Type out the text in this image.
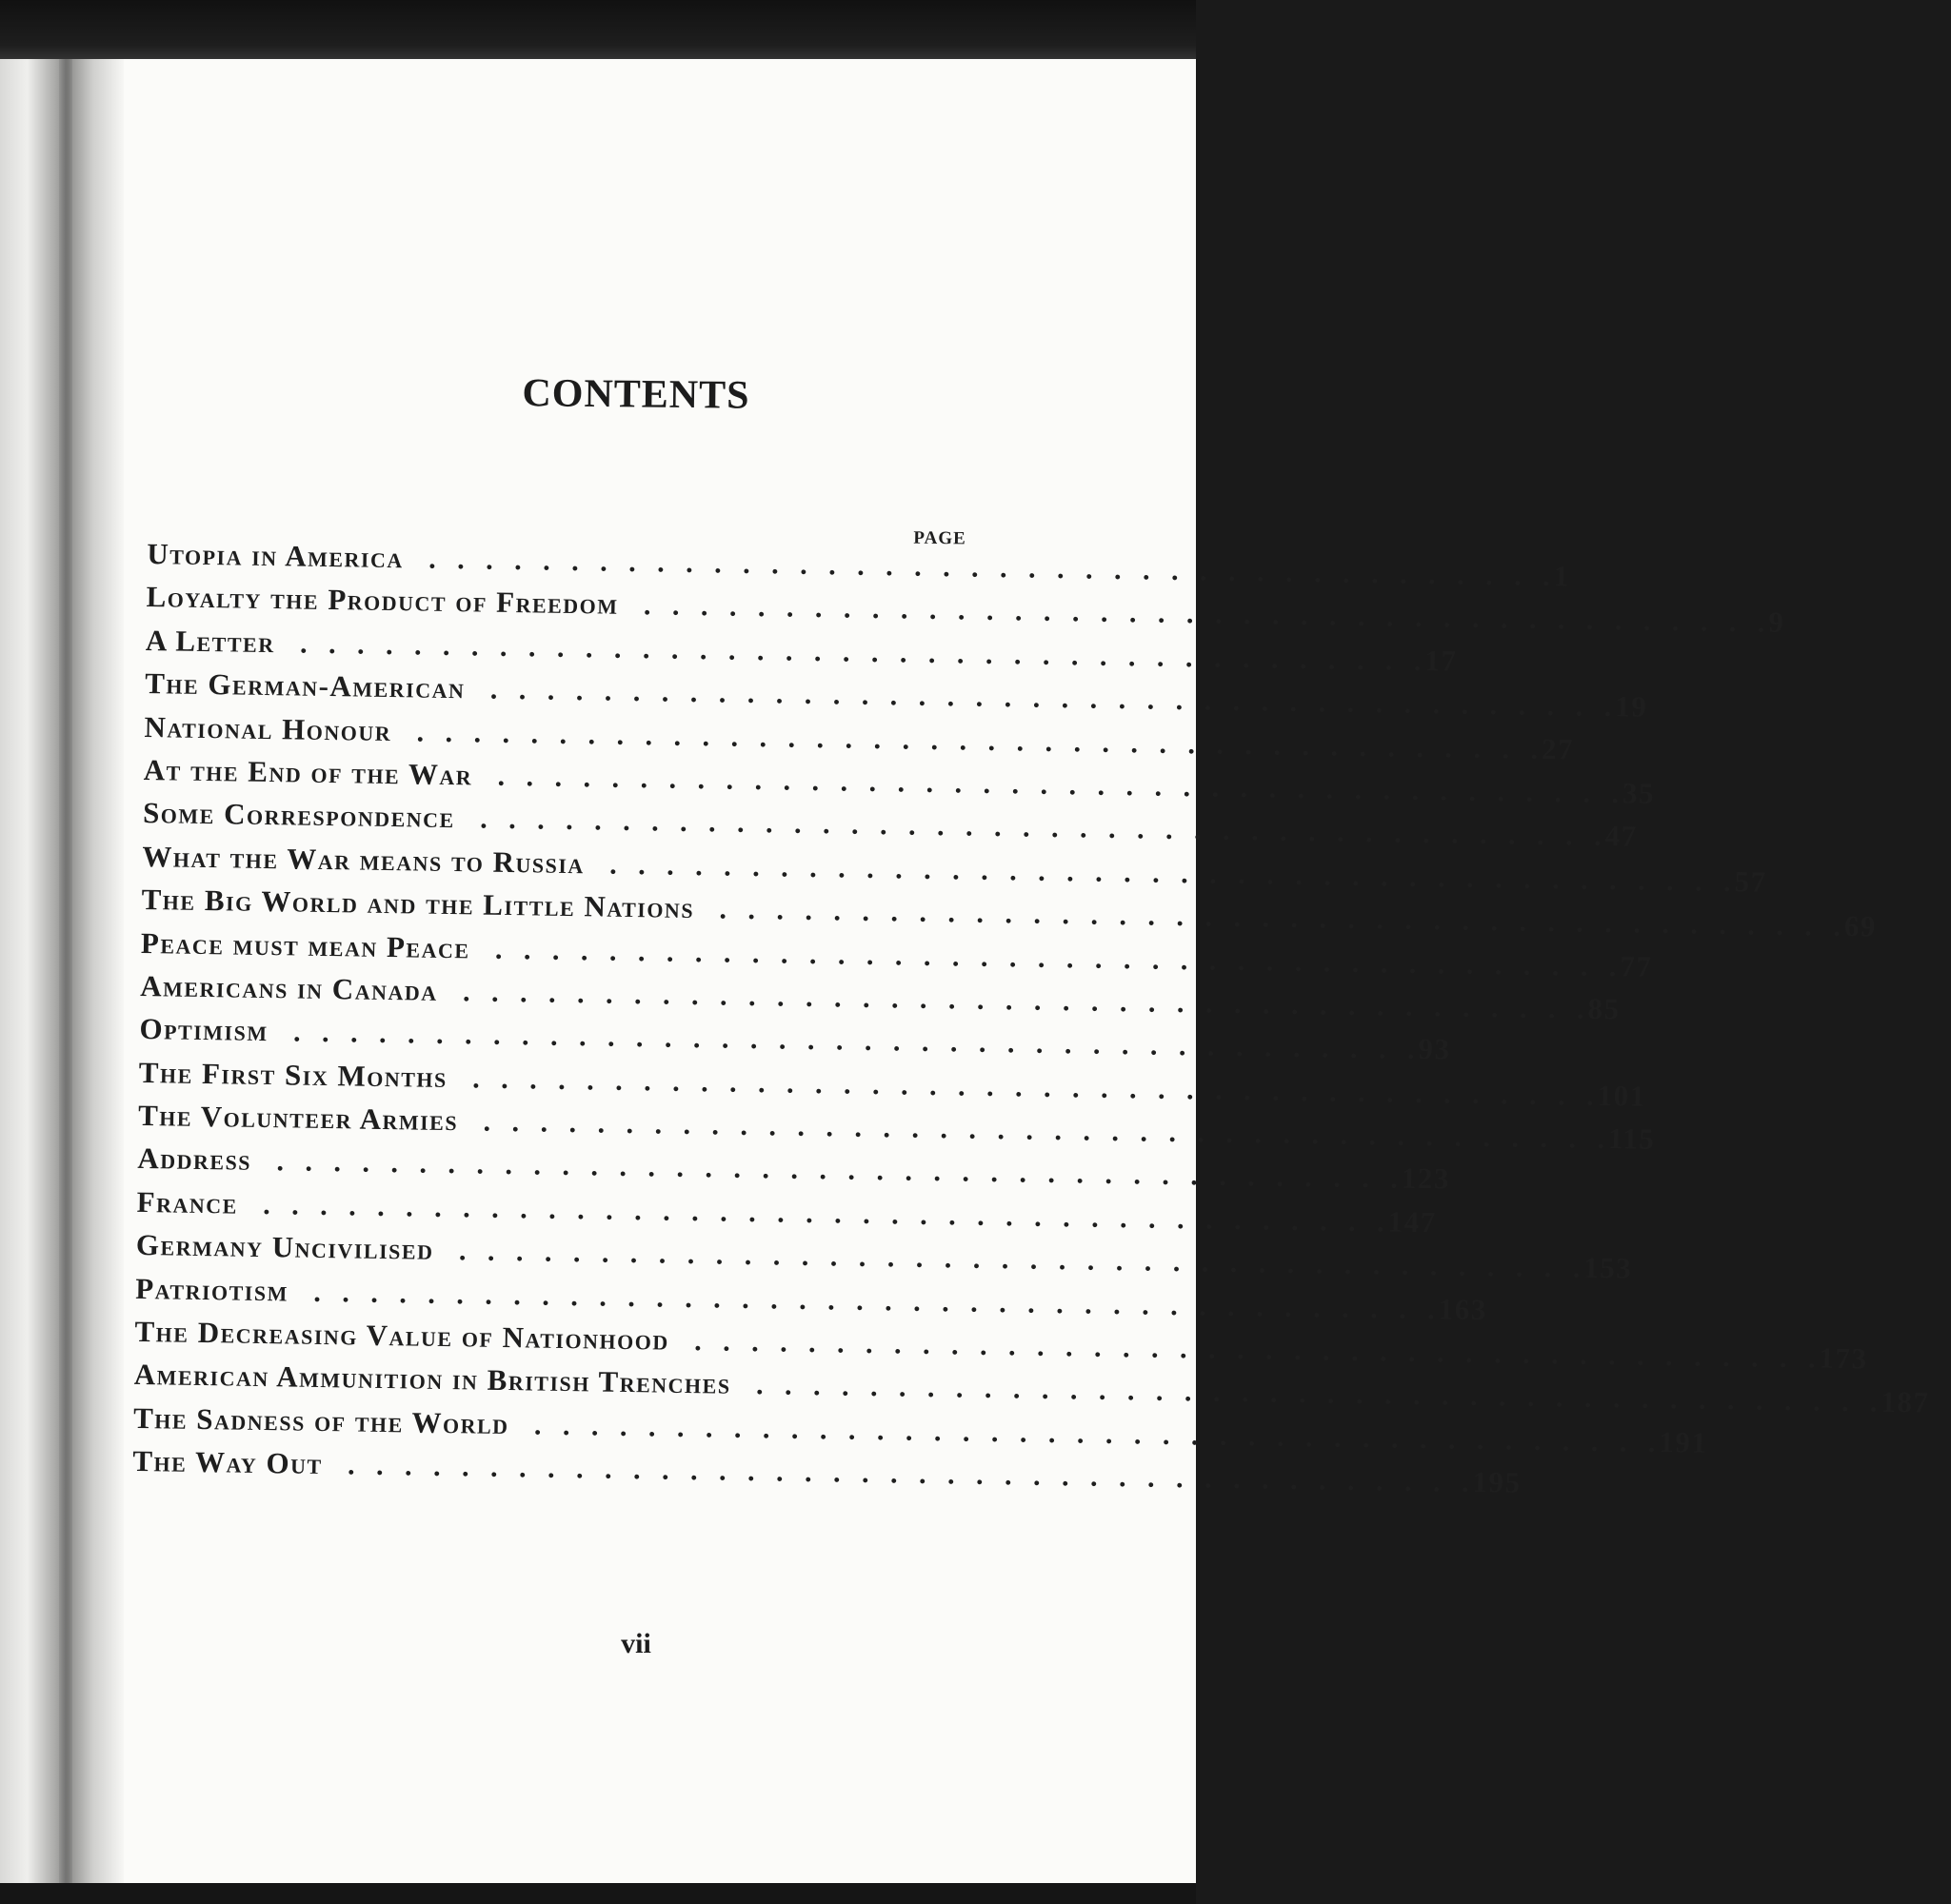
CONTENTS
PAGE
Utopia in America .   .   .   .   .   .   .   .   .   .   .   .   .   .   .   .   .   .   .   .   .   .   .   .   .   .   .   .   .   .   .   .   .   .   .   .   .   .   .   . 1
Loyalty the Product of Freedom .   .   .   .   .   .   .   .   .   .   .   .   .   .   .   .   .   .   .   .   .   .   .   .   .   .   .   .   .   .   .   .   .   .   .   .   .   .   .   . 9
A Letter .   .   .   .   .   .   .   .   .   .   .   .   .   .   .   .   .   .   .   .   .   .   .   .   .   .   .   .   .   .   .   .   .   .   .   .   .   .   .   . 17
The German-American .   .   .   .   .   .   .   .   .   .   .   .   .   .   .   .   .   .   .   .   .   .   .   .   .   .   .   .   .   .   .   .   .   .   .   .   .   .   .   . 19
National Honour .   .   .   .   .   .   .   .   .   .   .   .   .   .   .   .   .   .   .   .   .   .   .   .   .   .   .   .   .   .   .   .   .   .   .   .   .   .   .   . 27
At the End of the War .   .   .   .   .   .   .   .   .   .   .   .   .   .   .   .   .   .   .   .   .   .   .   .   .   .   .   .   .   .   .   .   .   .   .   .   .   .   .   . 35
Some Correspondence .   .   .   .   .   .   .   .   .   .   .   .   .   .   .   .   .   .   .   .   .   .   .   .   .   .   .   .   .   .   .   .   .   .   .   .   .   .   .   . 47
What the War means to Russia .   .   .   .   .   .   .   .   .   .   .   .   .   .   .   .   .   .   .   .   .   .   .   .   .   .   .   .   .   .   .   .   .   .   .   .   .   .   .   . 57
The Big World and the Little Nations .   .   .   .   .   .   .   .   .   .   .   .   .   .   .   .   .   .   .   .   .   .   .   .   .   .   .   .   .   .   .   .   .   .   .   .   .   .   .   . 69
Peace must mean Peace .   .   .   .   .   .   .   .   .   .   .   .   .   .   .   .   .   .   .   .   .   .   .   .   .   .   .   .   .   .   .   .   .   .   .   .   .   .   .   . 77
Americans in Canada .   .   .   .   .   .   .   .   .   .   .   .   .   .   .   .   .   .   .   .   .   .   .   .   .   .   .   .   .   .   .   .   .   .   .   .   .   .   .   . 85
Optimism .   .   .   .   .   .   .   .   .   .   .   .   .   .   .   .   .   .   .   .   .   .   .   .   .   .   .   .   .   .   .   .   .   .   .   .   .   .   .   . 93
The First Six Months .   .   .   .   .   .   .   .   .   .   .   .   .   .   .   .   .   .   .   .   .   .   .   .   .   .   .   .   .   .   .   .   .   .   .   .   .   .   .   . 101
The Volunteer Armies .   .   .   .   .   .   .   .   .   .   .   .   .   .   .   .   .   .   .   .   .   .   .   .   .   .   .   .   .   .   .   .   .   .   .   .   .   .   .   . 115
Address .   .   .   .   .   .   .   .   .   .   .   .   .   .   .   .   .   .   .   .   .   .   .   .   .   .   .   .   .   .   .   .   .   .   .   .   .   .   .   . 123
France .   .   .   .   .   .   .   .   .   .   .   .   .   .   .   .   .   .   .   .   .   .   .   .   .   .   .   .   .   .   .   .   .   .   .   .   .   .   .   . 147
Germany Uncivilised .   .   .   .   .   .   .   .   .   .   .   .   .   .   .   .   .   .   .   .   .   .   .   .   .   .   .   .   .   .   .   .   .   .   .   .   .   .   .   . 153
Patriotism .   .   .   .   .   .   .   .   .   .   .   .   .   .   .   .   .   .   .   .   .   .   .   .   .   .   .   .   .   .   .   .   .   .   .   .   .   .   .   . 163
The Decreasing Value of Nationhood .   .   .   .   .   .   .   .   .   .   .   .   .   .   .   .   .   .   .   .   .   .   .   .   .   .   .   .   .   .   .   .   .   .   .   .   .   .   .   . 173
American Ammunition in British Trenches .   .   .   .   .   .   .   .   .   .   .   .   .   .   .   .   .   .   .   .   .   .   .   .   .   .   .   .   .   .   .   .   .   .   .   .   .   .   .   . 187
The Sadness of the World .   .   .   .   .   .   .   .   .   .   .   .   .   .   .   .   .   .   .   .   .   .   .   .   .   .   .   .   .   .   .   .   .   .   .   .   .   .   .   . 191
The Way Out .   .   .   .   .   .   .   .   .   .   .   .   .   .   .   .   .   .   .   .   .   .   .   .   .   .   .   .   .   .   .   .   .   .   .   .   .   .   .   . 195
vii
